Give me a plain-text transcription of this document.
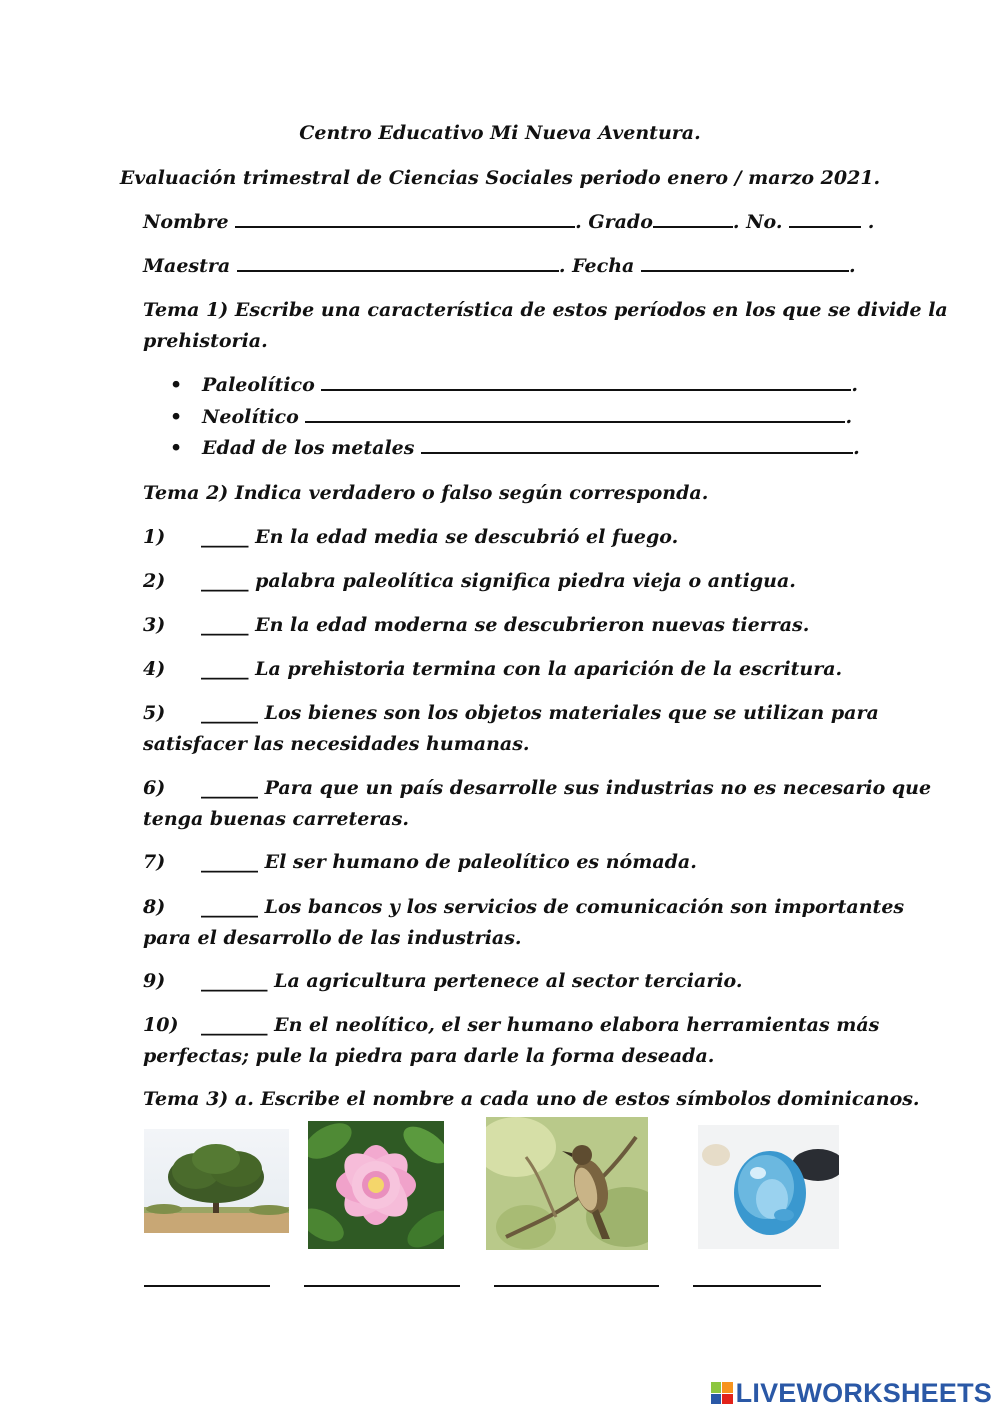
Centro Educativo Mi Nueva Aventura.
Evaluación trimestral de Ciencias Sociales periodo enero / marzo 2021.
Nombre	. Grado	. No.	.
Maestra	. Fecha	.
Tema 1) Escribe una característica de estos períodos en los que se divide la
prehistoria.
• Paleolítico	.
• Neolítico	.
• Edad de los metales	.
Tema 2) Indica verdadero o falso según corresponda.
1) _____ En la edad media se descubrió el fuego.
2) _____ palabra paleolítica significa piedra vieja o antigua.
3) _____ En la edad moderna se descubrieron nuevas tierras.
4) _____ La prehistoria termina con la aparición de la escritura.
5) ______ Los bienes son los objetos materiales que se utilizan para
satisfacer las necesidades humanas.
6) ______ Para que un país desarrolle sus industrias no es necesario que
tenga buenas carreteras.
7) ______ El ser humano de paleolítico es nómada.
8) ______ Los bancos y los servicios de comunicación son importantes
para el desarrollo de las industrias.
9) _______ La agricultura pertenece al sector terciario.
10) _______ En el neolítico, el ser humano elabora herramientas más
perfectas; pule la piedra para darle la forma deseada.
Tema 3) a. Escribe el nombre a cada uno de estos símbolos dominicanos.
LIVEWORKSHEETS
